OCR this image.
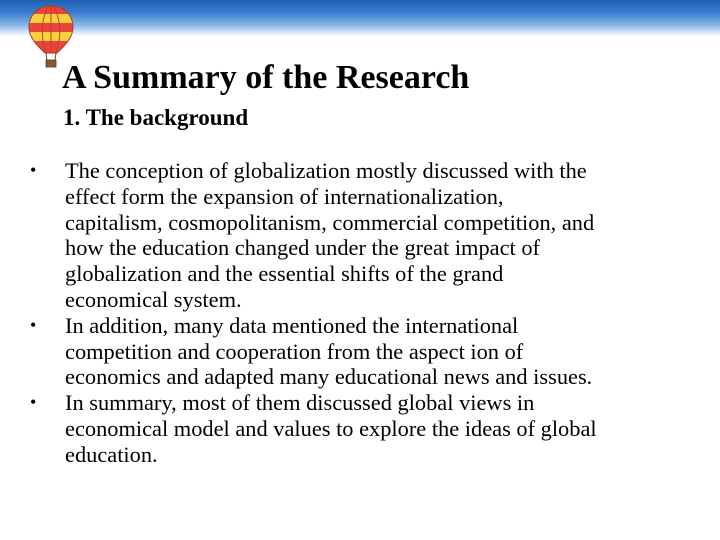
A Summary of the Research
1. The background
• The conception of globalization mostly discussed with the
effect form the expansion of internationalization,
capitalism, cosmopolitanism, commercial competition, and
how the education changed under the great impact of
globalization and the essential shifts of the grand
economical system.
• In addition, many data mentioned the international
competition and cooperation from the aspect ion of
economics and adapted many educational news and issues.
• In summary, most of them discussed global views in
economical model and values to explore the ideas of global
education.
